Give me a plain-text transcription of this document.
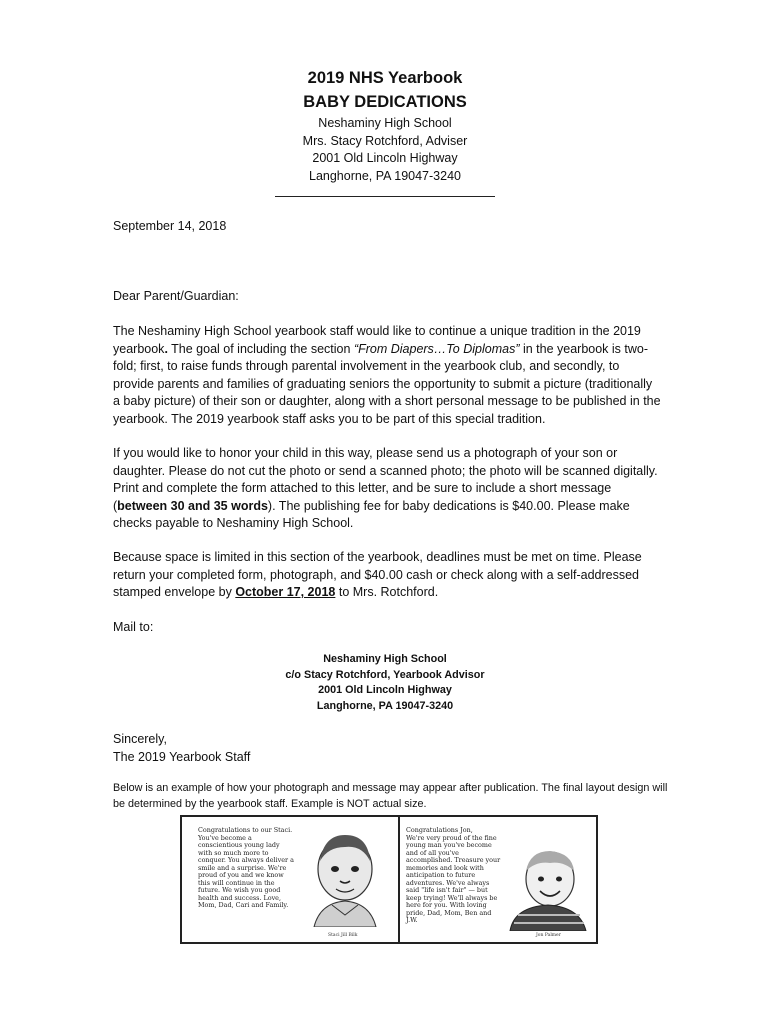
2019 NHS Yearbook
BABY DEDICATIONS
Neshaminy High School
Mrs. Stacy Rotchford, Adviser
2001 Old Lincoln Highway
Langhorne, PA 19047-3240
September 14, 2018
Dear Parent/Guardian:
The Neshaminy High School yearbook staff would like to continue a unique tradition in the 2019 yearbook. The goal of including the section “From Diapers…To Diplomas” in the yearbook is two-fold; first, to raise funds through parental involvement in the yearbook club, and secondly, to provide parents and families of graduating seniors the opportunity to submit a picture (traditionally a baby picture) of their son or daughter, along with a short personal message to be published in the yearbook. The 2019 yearbook staff asks you to be part of this special tradition.
If you would like to honor your child in this way, please send us a photograph of your son or daughter. Please do not cut the photo or send a scanned photo; the photo will be scanned digitally. Print and complete the form attached to this letter, and be sure to include a short message (between 30 and 35 words). The publishing fee for baby dedications is $40.00. Please make checks payable to Neshaminy High School.
Because space is limited in this section of the yearbook, deadlines must be met on time. Please return your completed form, photograph, and $40.00 cash or check along with a self-addressed stamped envelope by October 17, 2018 to Mrs. Rotchford.
Mail to:
Neshaminy High School
c/o Stacy Rotchford, Yearbook Advisor
2001 Old Lincoln Highway
Langhorne, PA 19047-3240
Sincerely,
The 2019 Yearbook Staff
Below is an example of how your photograph and message may appear after publication. The final layout design will be determined by the yearbook staff. Example is NOT actual size.
Congratulations to our Staci. You've become a conscientious young lady with so much more to conquer. You always deliver a smile and a surprise. We're proud of you and we know this will continue in the future. We wish you good health and success. Love, Mom, Dad, Cari and Family.
Staci Jill Bilk
Congratulations Jon,
We're very proud of the fine young man you've become and of all you've accomplished. Treasure your memories and look with anticipation to future adventures. We've always said "life isn't fair" — but keep trying! We'll always be here for you. With loving pride, Dad, Mom, Ben and J.W.
Jon Palmer
